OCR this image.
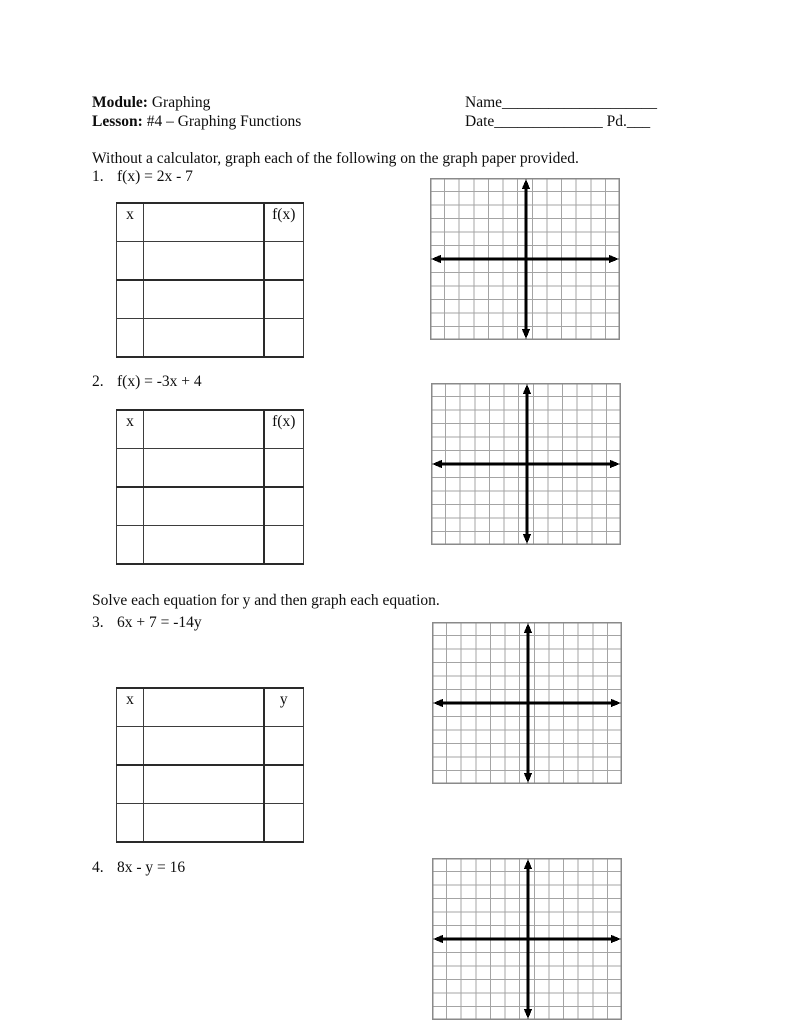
Module: Graphing
Lesson: #4 – Graphing Functions
Name____________________
Date______________ Pd.___
Without a calculator, graph each of the following on the graph paper provided.
1. f(x) = 2x - 7
x		f(x)

2. f(x) = -3x + 4
x		f(x)

Solve each equation for y and then graph each equation.
3. 6x + 7 = -14y
x		y

4. 8x - y = 16
